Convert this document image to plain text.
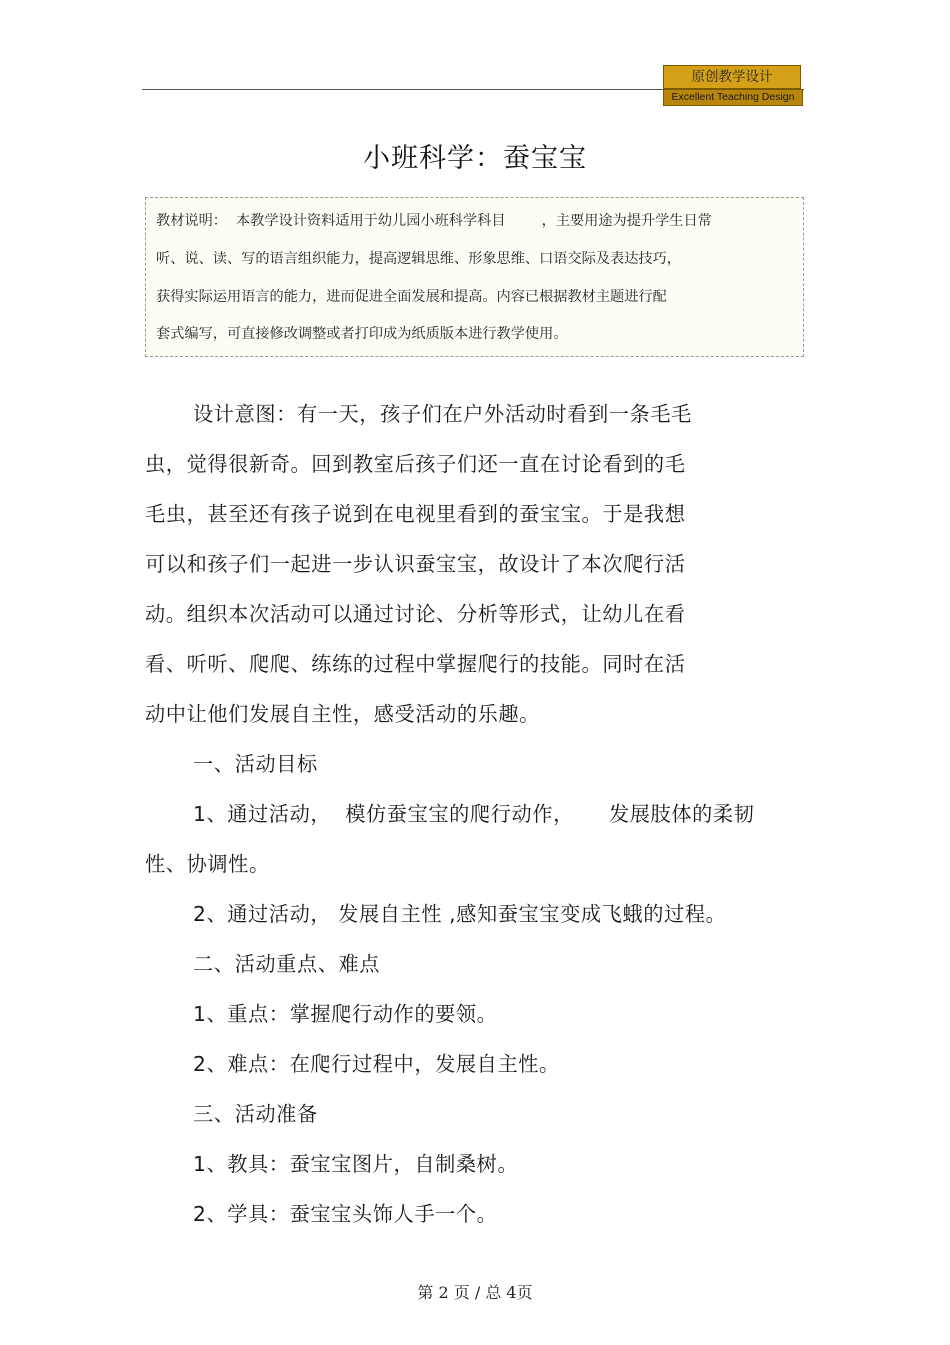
原创教学设计
Excellent Teaching Design
小班科学：蚕宝宝
教材说明：  本教学设计资料适用于幼儿园小班科学科目        ，主要用途为提升学生日常
听、说、读、写的语言组织能力，提高逻辑思维、形象思维、口语交际及表达技巧，
获得实际运用语言的能力，进而促进全面发展和提高。内容已根据教材主题进行配
套式编写，可直接修改调整或者打印成为纸质版本进行教学使用。
设计意图：有一天，孩子们在户外活动时看到一条毛毛
虫，觉得很新奇。回到教室后孩子们还一直在讨论看到的毛
毛虫，甚至还有孩子说到在电视里看到的蚕宝宝。于是我想
可以和孩子们一起进一步认识蚕宝宝，故设计了本次爬行活
动。组织本次活动可以通过讨论、分析等形式，让幼儿在看
看、听听、爬爬、练练的过程中掌握爬行的技能。同时在活
动中让他们发展自主性，感受活动的乐趣。
一、活动目标
1、通过活动，  模仿蚕宝宝的爬行动作，     发展肢体的柔韧
性、协调性。
2、通过活动， 发展自主性 ,感知蚕宝宝变成飞蛾的过程。
二、活动重点、难点
1、重点：掌握爬行动作的要领。
2、难点：在爬行过程中，发展自主性。
三、活动准备
1、教具：蚕宝宝图片，自制桑树。
2、学具：蚕宝宝头饰人手一个。
第 2 页 / 总 4页
